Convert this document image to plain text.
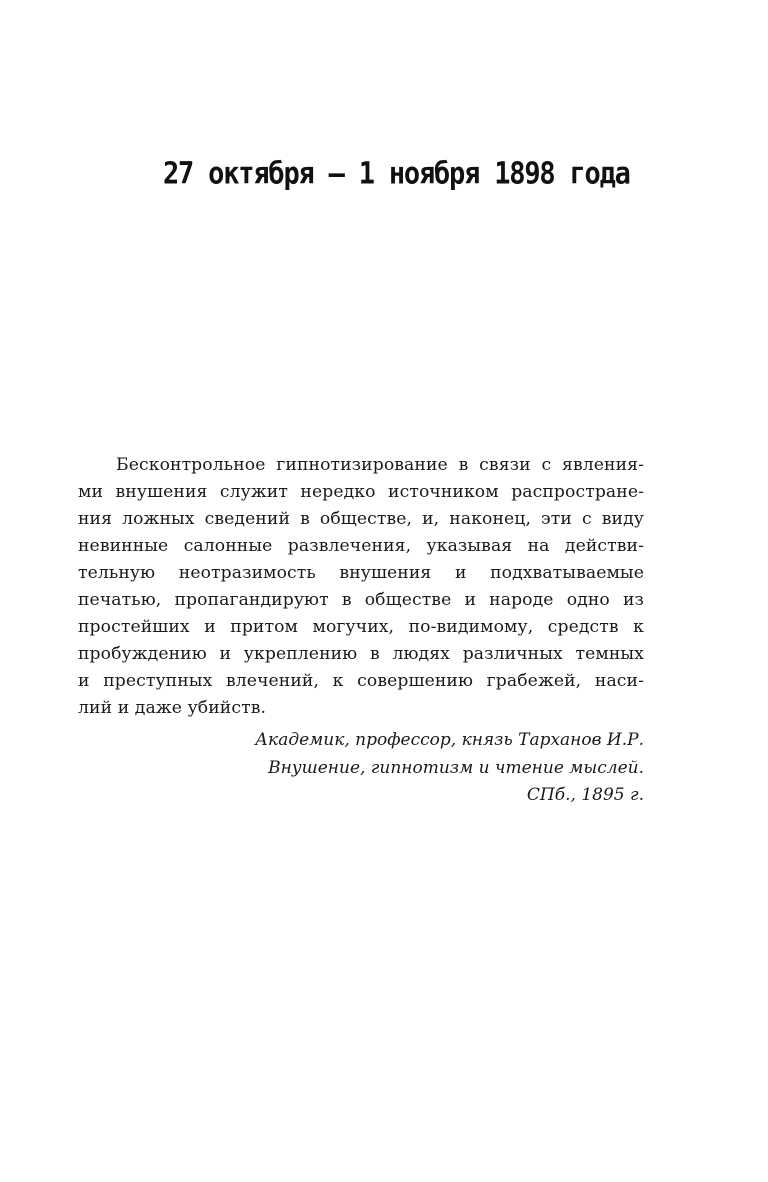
27 октября – 1 ноября 1898 года

Бесконтрольное гипнотизирование в связи с явления-
ми внушения служит нередко источником распростране-
ния ложных сведений в обществе, и, наконец, эти с виду
невинные салонные развлечения, указывая на действи-
тельную неотразимость внушения и подхватываемые
печатью, пропагандируют в обществе и народе одно из
простейших и притом могучих, по-видимому, средств к
пробуждению и укреплению в людях различных темных
и преступных влечений, к совершению грабежей, наси-
лий и даже убийств.

Академик, профессор, князь Тарханов И.Р.
Внушение, гипнотизм и чтение мыслей.
СПб., 1895 г.
